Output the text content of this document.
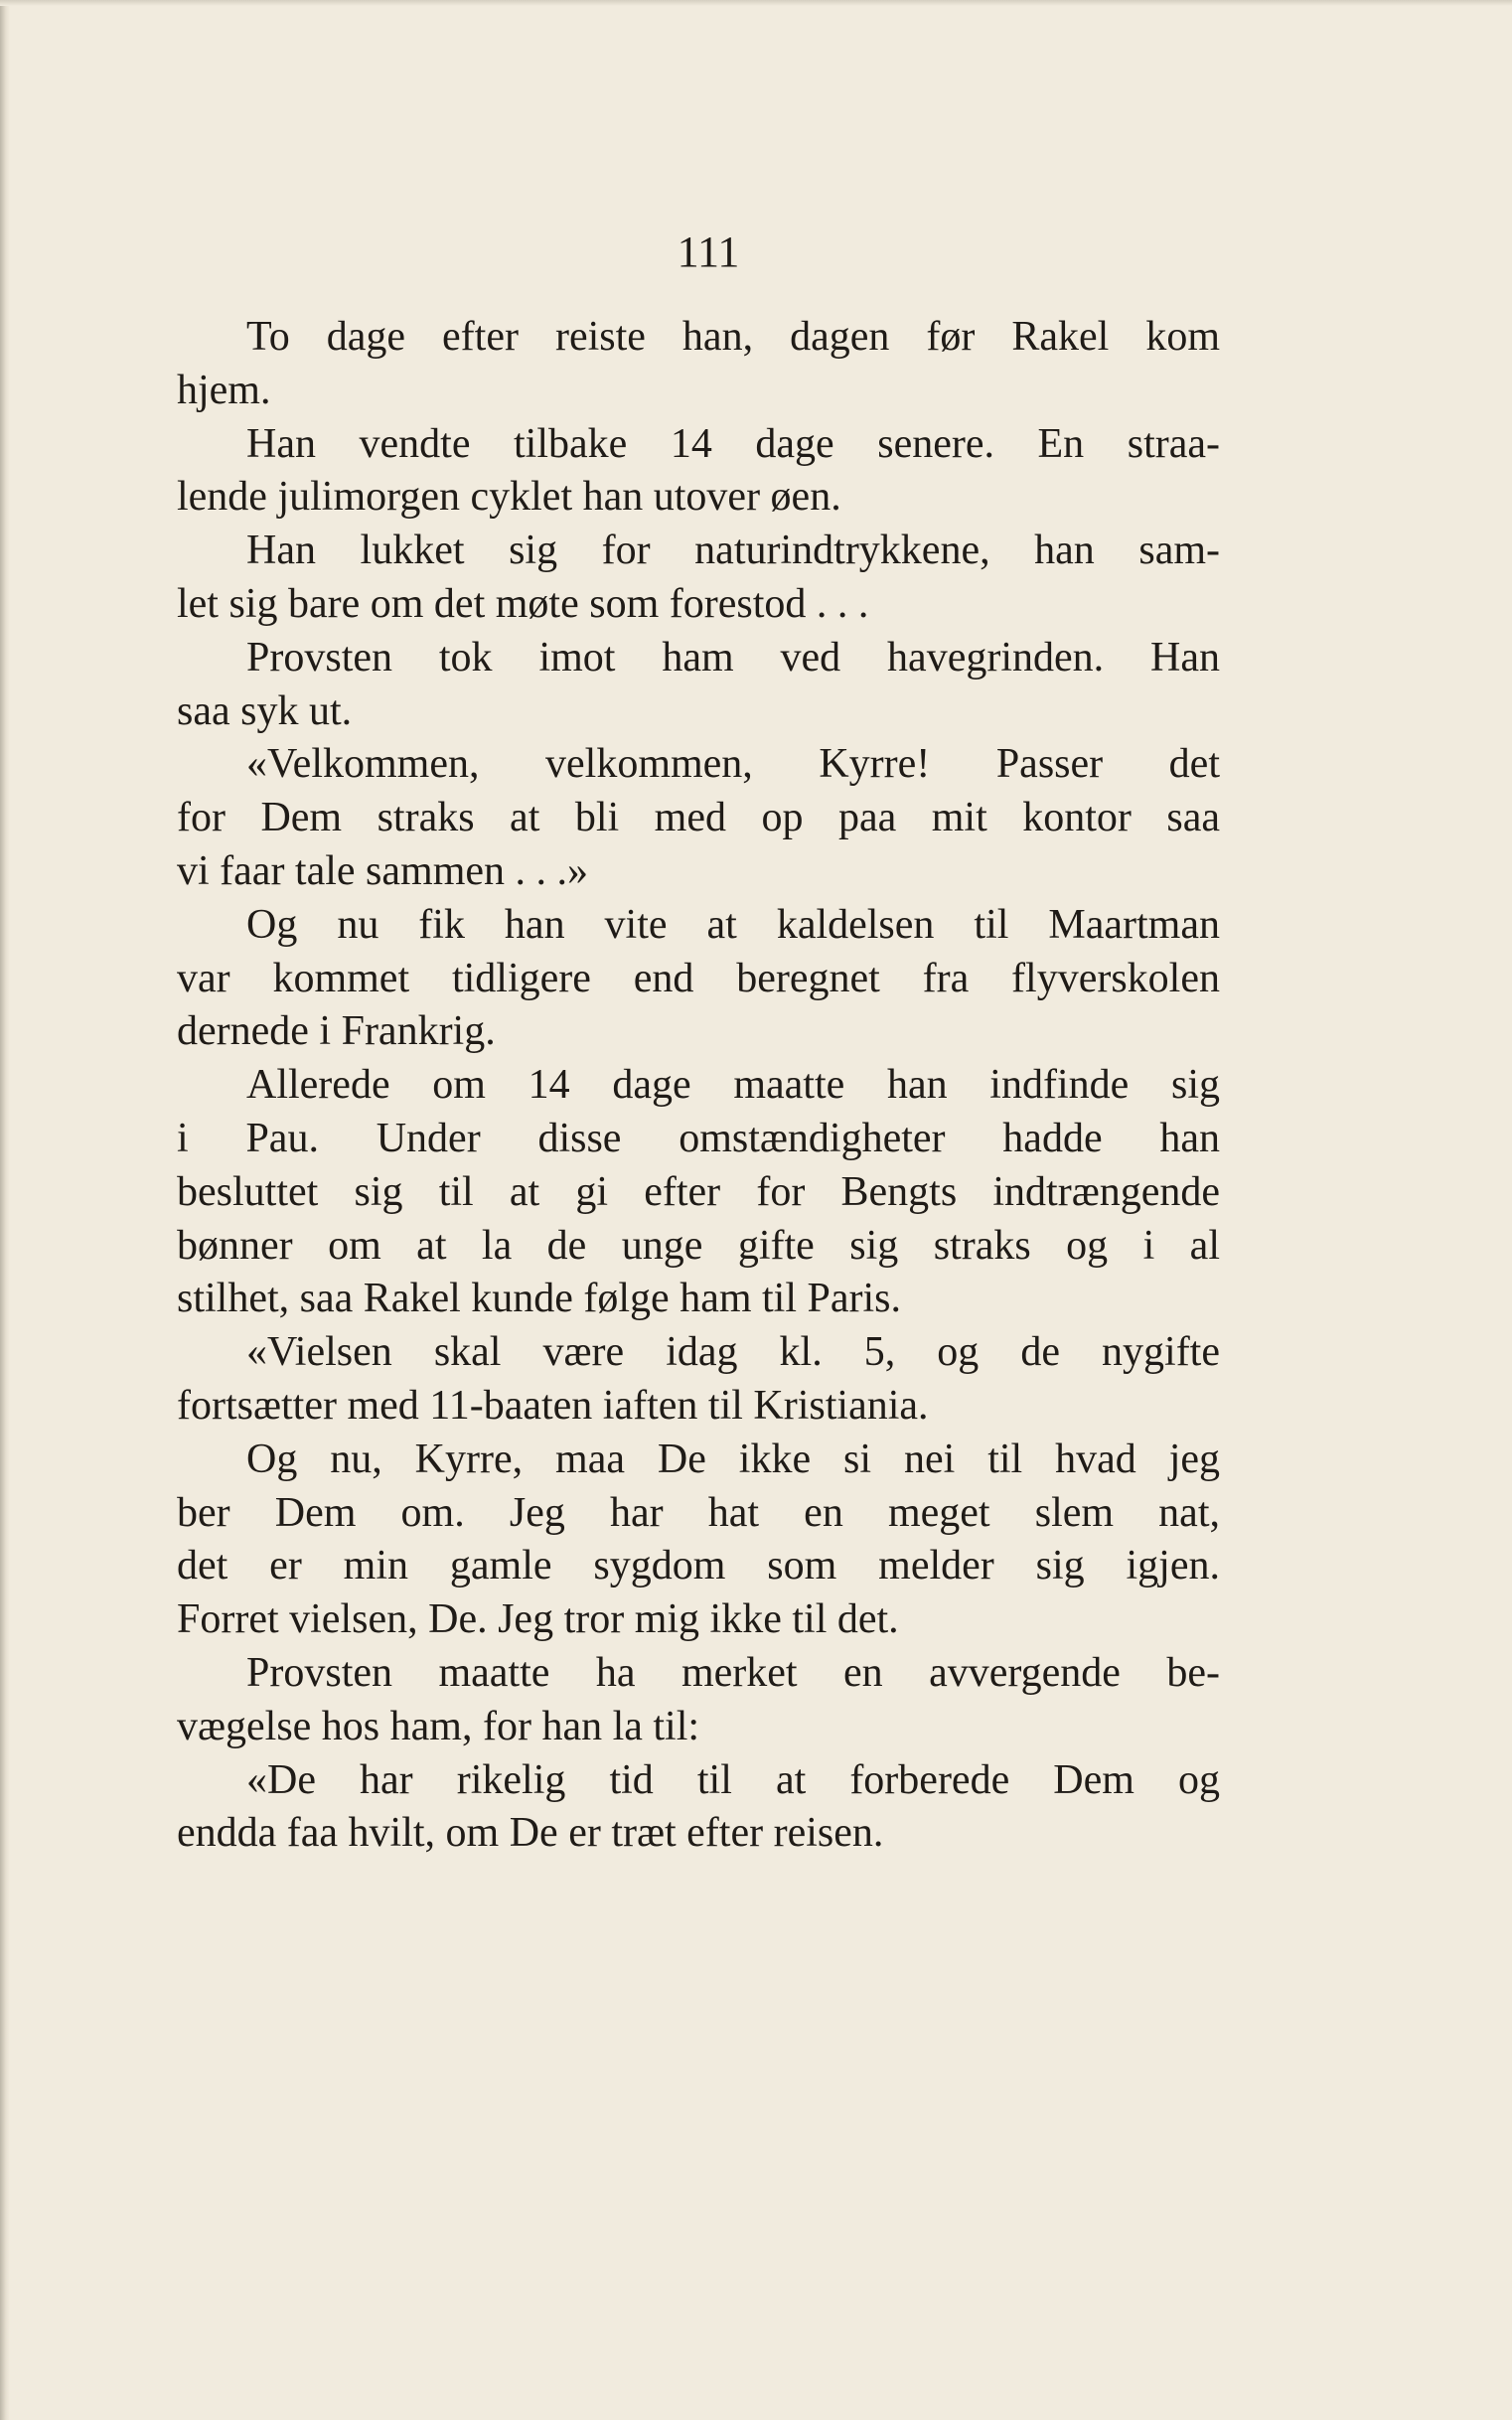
111
To dage efter reiste han, dagen før Rakel kom
hjem.
Han vendte tilbake 14 dage senere. En straa-
lende julimorgen cyklet han utover øen.
Han lukket sig for naturindtrykkene, han sam-
let sig bare om det møte som forestod . . .
Provsten tok imot ham ved havegrinden. Han
saa syk ut.
«Velkommen, velkommen, Kyrre! Passer det
for Dem straks at bli med op paa mit kontor saa
vi faar tale sammen . . .»
Og nu fik han vite at kaldelsen til Maartman
var kommet tidligere end beregnet fra flyverskolen
dernede i Frankrig.
Allerede om 14 dage maatte han indfinde sig
i Pau. Under disse omstændigheter hadde han
besluttet sig til at gi efter for Bengts indtrængende
bønner om at la de unge gifte sig straks og i al
stilhet, saa Rakel kunde følge ham til Paris.
«Vielsen skal være idag kl. 5, og de nygifte
fortsætter med 11-baaten iaften til Kristiania.
Og nu, Kyrre, maa De ikke si nei til hvad jeg
ber Dem om. Jeg har hat en meget slem nat,
det er min gamle sygdom som melder sig igjen.
Forret vielsen, De. Jeg tror mig ikke til det.
Provsten maatte ha merket en avvergende be-
vægelse hos ham, for han la til:
«De har rikelig tid til at forberede Dem og
endda faa hvilt, om De er træt efter reisen.
